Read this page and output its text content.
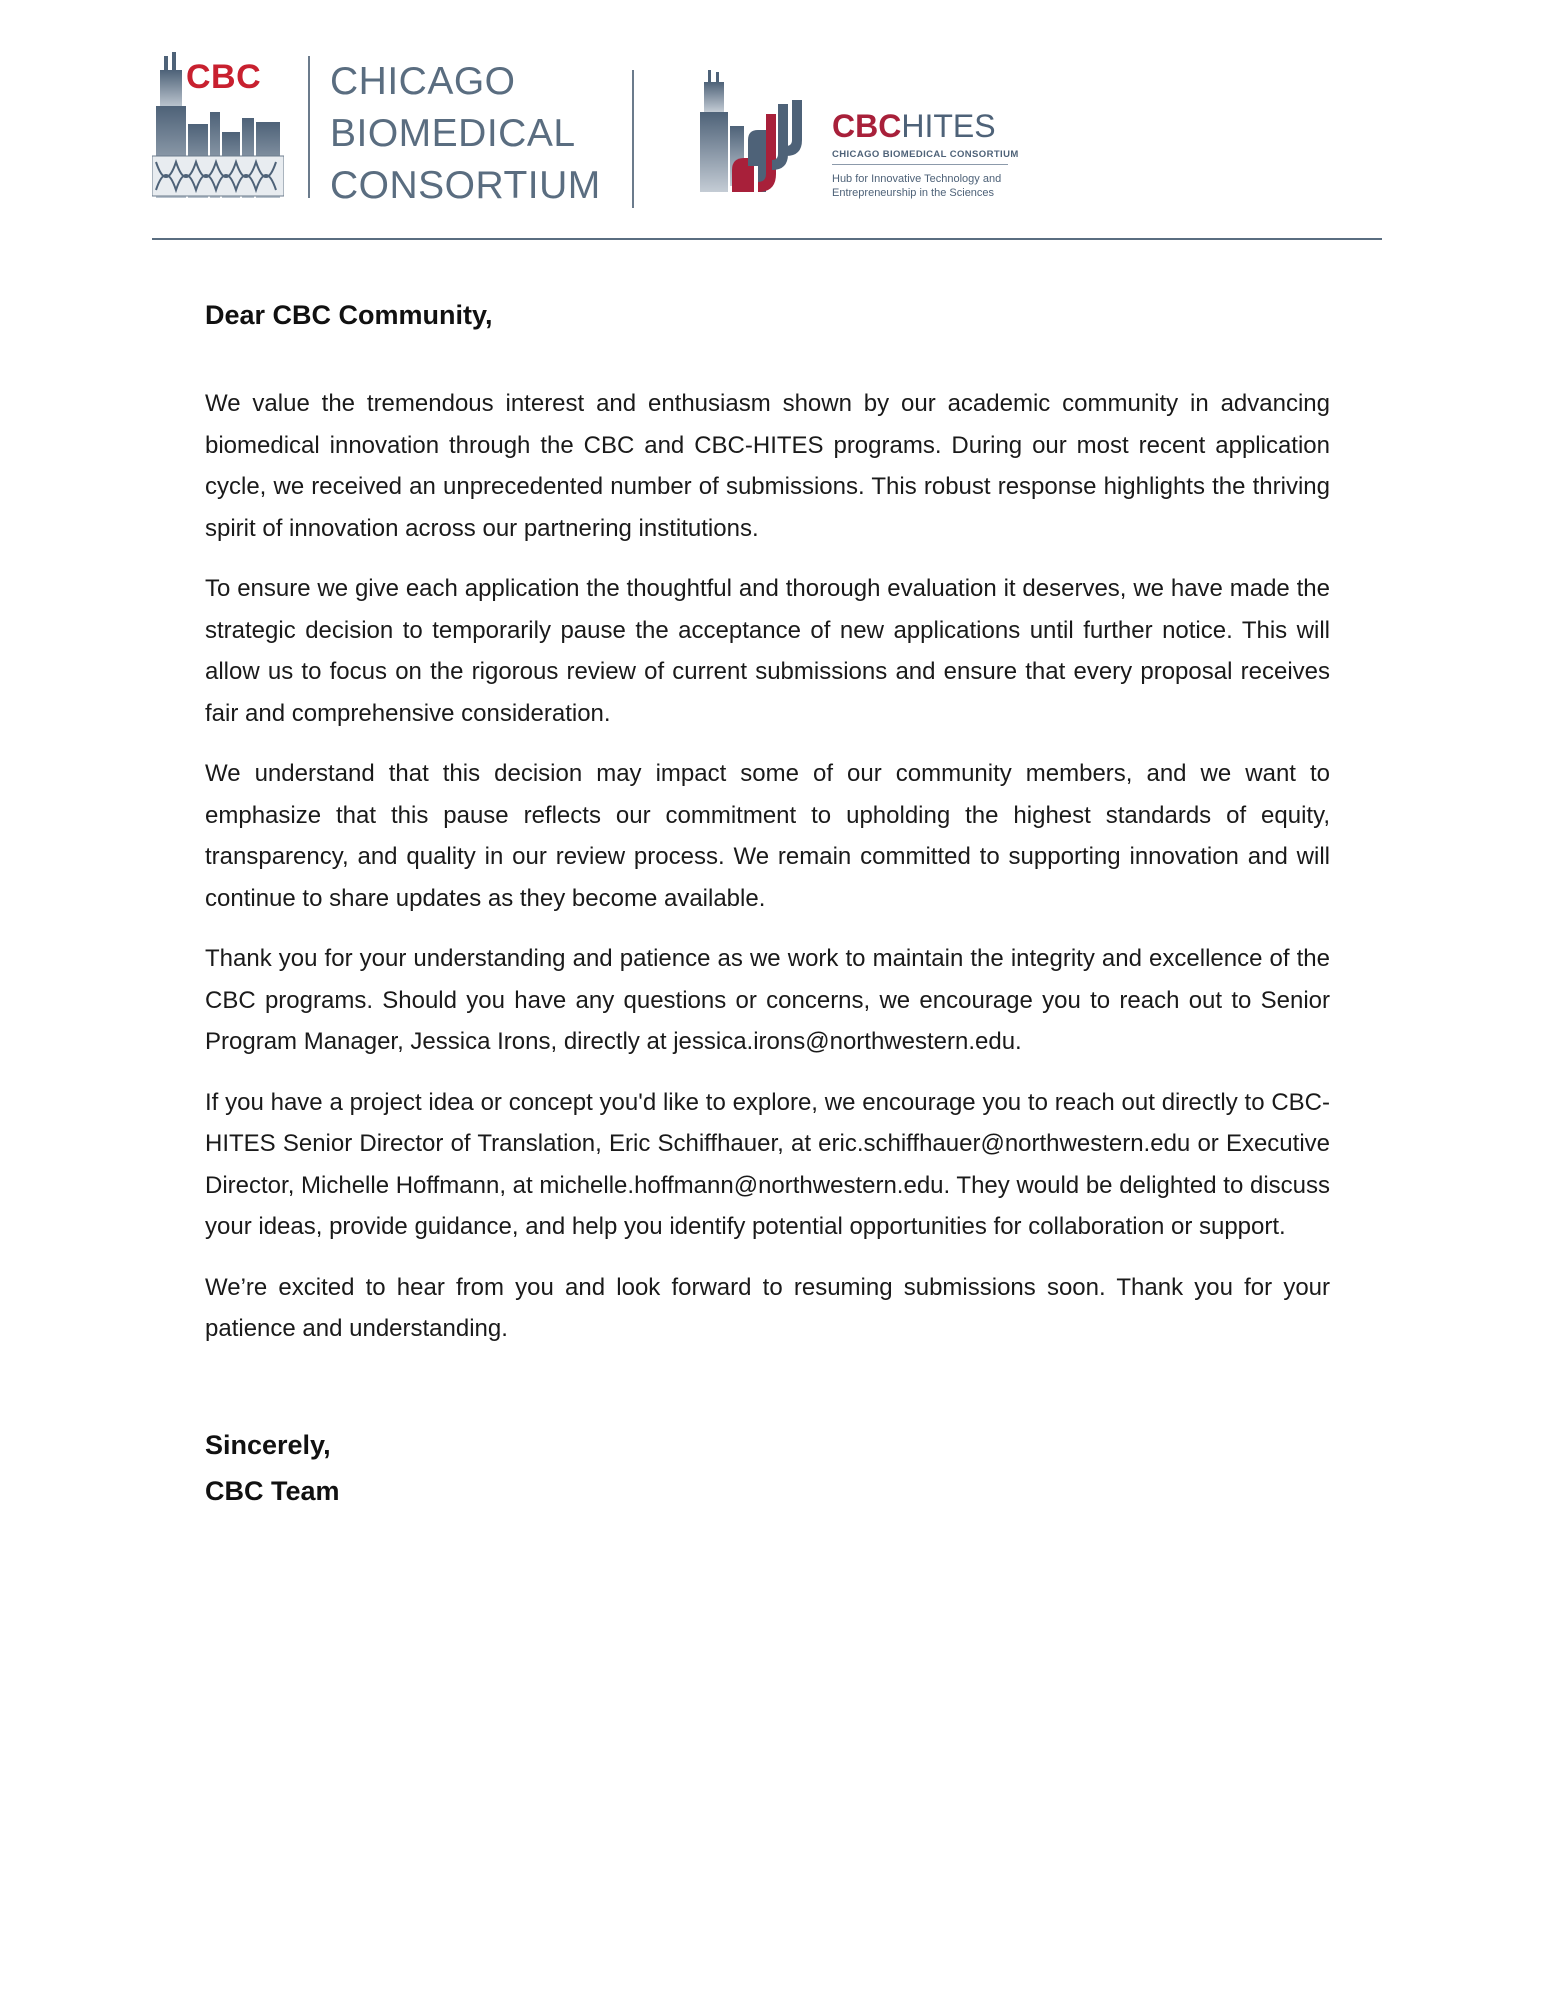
CBC CHICAGO
BIOMEDICAL
CONSORTIUM
CBCHITES
CHICAGO BIOMEDICAL CONSORTIUM
Hub for Innovative Technology and
Entrepreneurship in the Sciences
Dear CBC Community,

We value the tremendous interest and enthusiasm shown by our academic community in advancing biomedical innovation through the CBC and CBC-HITES programs. During our most recent application cycle, we received an unprecedented number of submissions. This robust response highlights the thriving spirit of innovation across our partnering institutions.

To ensure we give each application the thoughtful and thorough evaluation it deserves, we have made the strategic decision to temporarily pause the acceptance of new applications until further notice. This will allow us to focus on the rigorous review of current submissions and ensure that every proposal receives fair and comprehensive consideration.

We understand that this decision may impact some of our community members, and we want to emphasize that this pause reflects our commitment to upholding the highest standards of equity, transparency, and quality in our review process. We remain committed to supporting innovation and will continue to share updates as they become available.

Thank you for your understanding and patience as we work to maintain the integrity and excellence of the CBC programs. Should you have any questions or concerns, we encourage you to reach out to Senior Program Manager, Jessica Irons, directly at jessica.irons@northwestern.edu.

If you have a project idea or concept you'd like to explore, we encourage you to reach out directly to CBC-HITES Senior Director of Translation, Eric Schiffhauer, at eric.schiffhauer@northwestern.edu or Executive Director, Michelle Hoffmann, at michelle.hoffmann@northwestern.edu. They would be delighted to discuss your ideas, provide guidance, and help you identify potential opportunities for collaboration or support.

We’re excited to hear from you and look forward to resuming submissions soon. Thank you for your patience and understanding.

Sincerely,
CBC Team
